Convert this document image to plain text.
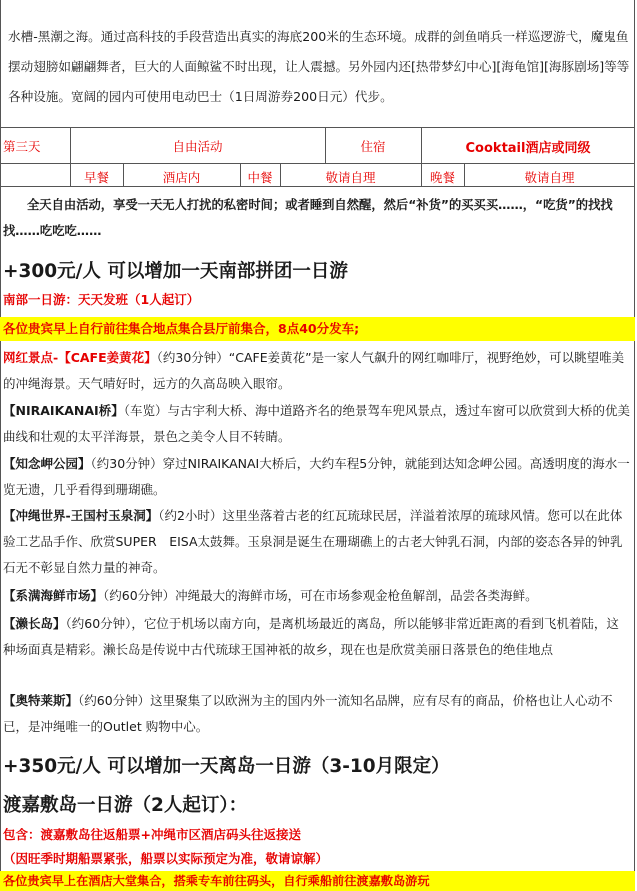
水槽-黑潮之海。通过高科技的手段营造出真实的海底200米的生态环境。成群的剑鱼哨兵一样巡逻游弋，魔鬼鱼摆动翅膀如翩翩舞者，巨大的人面鲸鲨不时出现，让人震撼。另外园内还[热带梦幻中心][海龟馆][海豚剧场]等等各种设施。宽阔的园内可使用电动巴士（1日周游券200日元）代步。

第三天	自由活动	住宿	Cooktail酒店或同级
早餐	酒店内	中餐	敬请自理	晚餐	敬请自理

全天自由活动，享受一天无人打扰的私密时间；或者睡到自然醒，然后“补货”的买买买……，“吃货”的找找找……吃吃吃……

+300元/人 可以增加一天南部拼团一日游
南部一日游：天天发班（1人起订）
各位贵宾早上自行前往集合地点集合县厅前集合，8点40分发车;

网红景点-【CAFE姜黄花】（约30分钟）“CAFE姜黄花”是一家人气飙升的网红咖啡厅，视野绝妙，可以眺望唯美的冲绳海景。天气晴好时，远方的久高岛映入眼帘。

【NIRAIKANAI桥】（车览）与古宇利大桥、海中道路齐名的绝景驾车兜风景点，透过车窗可以欣赏到大桥的优美曲线和壮观的太平洋海景，景色之美令人目不转睛。

【知念岬公园】（约30分钟）穿过NIRAIKANAI大桥后，大约车程5分钟，就能到达知念岬公园。高透明度的海水一览无遗，几乎看得到珊瑚礁。

【冲绳世界-王国村玉泉洞】（约2小时）这里坐落着古老的红瓦琉球民居，洋溢着浓厚的琉球风情。您可以在此体验工艺品手作、欣赏SUPER　EISA太鼓舞。玉泉洞是诞生在珊瑚礁上的古老大钟乳石洞，内部的姿态各异的钟乳石无不彰显自然力量的神奇。

【系满海鲜市场】（约60分钟）冲绳最大的海鲜市场，可在市场参观金枪鱼解剖，品尝各类海鲜。

【濑长岛】（约60分钟），它位于机场以南方向，是离机场最近的离岛，所以能够非常近距离的看到飞机着陆，这种场面真是精彩。濑长岛是传说中古代琉球王国神祇的故乡，现在也是欣赏美丽日落景色的绝佳地点

【奥特莱斯】（约60分钟）这里聚集了以欧洲为主的国内外一流知名品牌，应有尽有的商品，价格也让人心动不已，是冲绳唯一的Outlet 购物中心。

+350元/人 可以增加一天离岛一日游（3-10月限定）
渡嘉敷岛一日游（2人起订）：
包含：渡嘉敷岛往返船票+冲绳市区酒店码头往返接送
（因旺季时期船票紧张，船票以实际预定为准，敬请谅解）
各位贵宾早上在酒店大堂集合，搭乘专车前往码头，自行乘船前往渡嘉敷岛游玩
